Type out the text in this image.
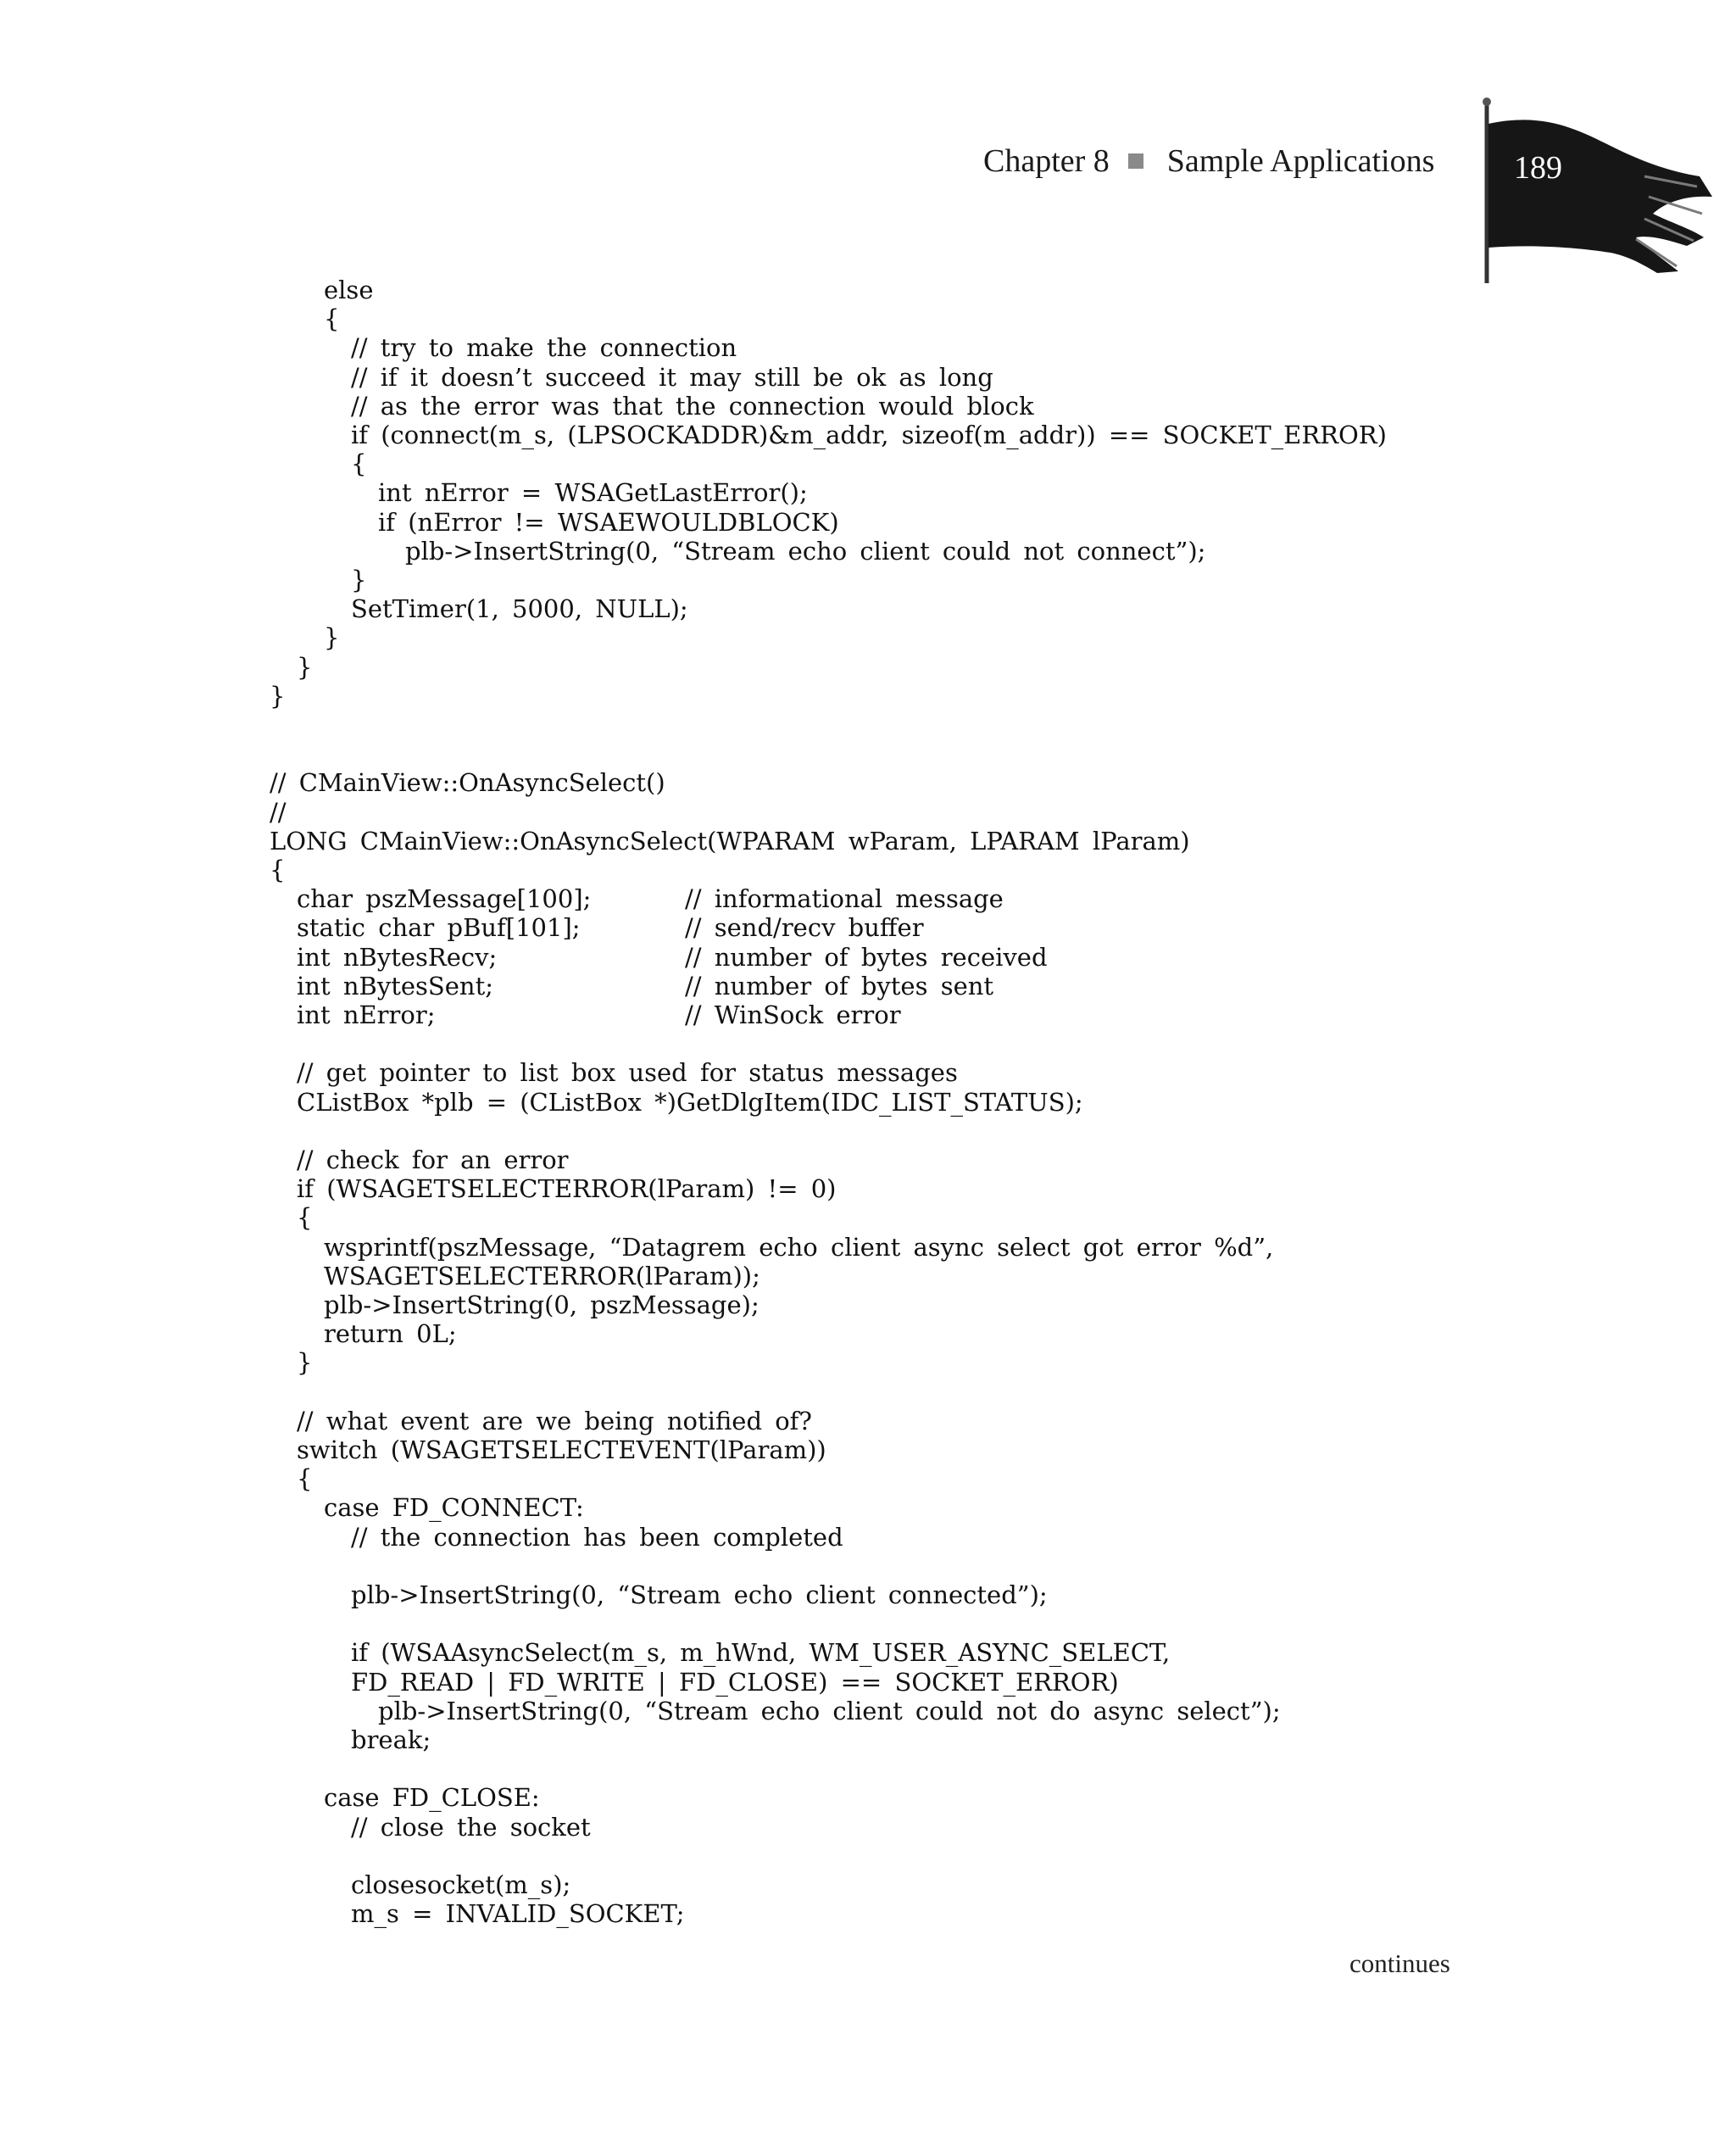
Chapter 8 Sample Applications 189
else
{
// try to make the connection
// if it doesn’t succeed it may still be ok as long
// as the error was that the connection would block
if (connect(m_s, (LPSOCKADDR)&m_addr, sizeof(m_addr)) == SOCKET_ERROR)
{
int nError = WSAGetLastError();
if (nError != WSAEWOULDBLOCK)
plb->InsertString(0, “Stream echo client could not connect”);
}
SetTimer(1, 5000, NULL);
}
}
}
// CMainView::OnAsyncSelect()
//
LONG CMainView::OnAsyncSelect(WPARAM wParam, LPARAM lParam)
{
char pszMessage[100];	// informational message
static char pBuf[101];	// send/recv buffer
int nBytesRecv;	// number of bytes received
int nBytesSent;	// number of bytes sent
int nError;	// WinSock error
// get pointer to list box used for status messages
CListBox *plb = (CListBox *)GetDlgItem(IDC_LIST_STATUS);
// check for an error
if (WSAGETSELECTERROR(lParam) != 0)
{
wsprintf(pszMessage, “Datagrem echo client async select got error %d”,
WSAGETSELECTERROR(lParam));
plb->InsertString(0, pszMessage);
return 0L;
}
// what event are we being notified of?
switch (WSAGETSELECTEVENT(lParam))
{
case FD_CONNECT:
// the connection has been completed
plb->InsertString(0, “Stream echo client connected”);
if (WSAAsyncSelect(m_s, m_hWnd, WM_USER_ASYNC_SELECT,
FD_READ | FD_WRITE | FD_CLOSE) == SOCKET_ERROR)
plb->InsertString(0, “Stream echo client could not do async select”);
break;
case FD_CLOSE:
// close the socket
closesocket(m_s);
m_s = INVALID_SOCKET;
continues
